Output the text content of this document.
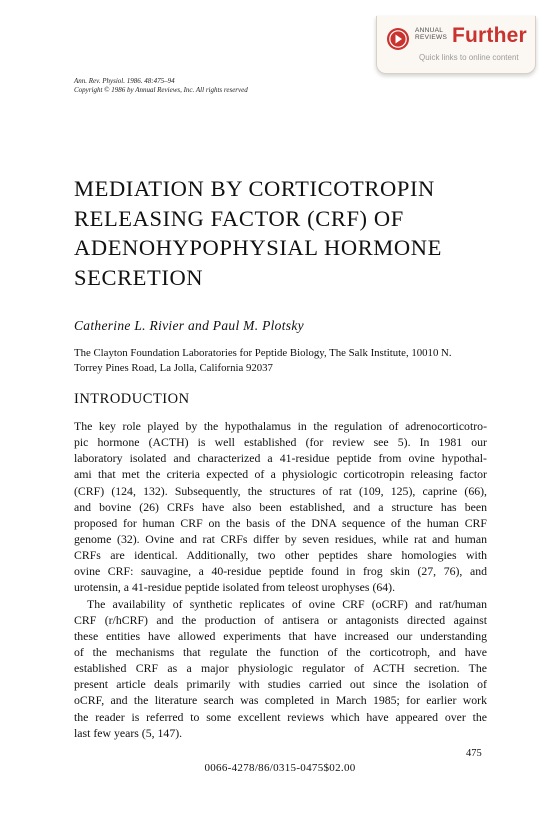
ANNUAL
REVIEWS Further
Quick links to online content
Ann. Rev. Physiol. 1986. 48:475–94
Copyright © 1986 by Annual Reviews, Inc. All rights reserved
MEDIATION BY CORTICOTROPIN
RELEASING FACTOR (CRF) OF
ADENOHYPOPHYSIAL HORMONE
SECRETION
Catherine L. Rivier and Paul M. Plotsky
The Clayton Foundation Laboratories for Peptide Biology, The Salk Institute, 10010 N.
Torrey Pines Road, La Jolla, California 92037
INTRODUCTION
The key role played by the hypothalamus in the regulation of adrenocorticotro-
pic hormone (ACTH) is well established (for review see 5). In 1981 our
laboratory isolated and characterized a 41-residue peptide from ovine hypothal-
ami that met the criteria expected of a physiologic corticotropin releasing factor
(CRF) (124, 132). Subsequently, the structures of rat (109, 125), caprine (66),
and bovine (26) CRFs have also been established, and a structure has been
proposed for human CRF on the basis of the DNA sequence of the human CRF
genome (32). Ovine and rat CRFs differ by seven residues, while rat and human
CRFs are identical. Additionally, two other peptides share homologies with
ovine CRF: sauvagine, a 40-residue peptide found in frog skin (27, 76), and
urotensin, a 41-residue peptide isolated from teleost urophyses (64).
The availability of synthetic replicates of ovine CRF (oCRF) and rat/human
CRF (r/hCRF) and the production of antisera or antagonists directed against
these entities have allowed experiments that have increased our understanding
of the mechanisms that regulate the function of the corticotroph, and have
established CRF as a major physiologic regulator of ACTH secretion. The
present article deals primarily with studies carried out since the isolation of
oCRF, and the literature search was completed in March 1985; for earlier work
the reader is referred to some excellent reviews which have appeared over the
last few years (5, 147).
475
0066-4278/86/0315-0475$02.00
